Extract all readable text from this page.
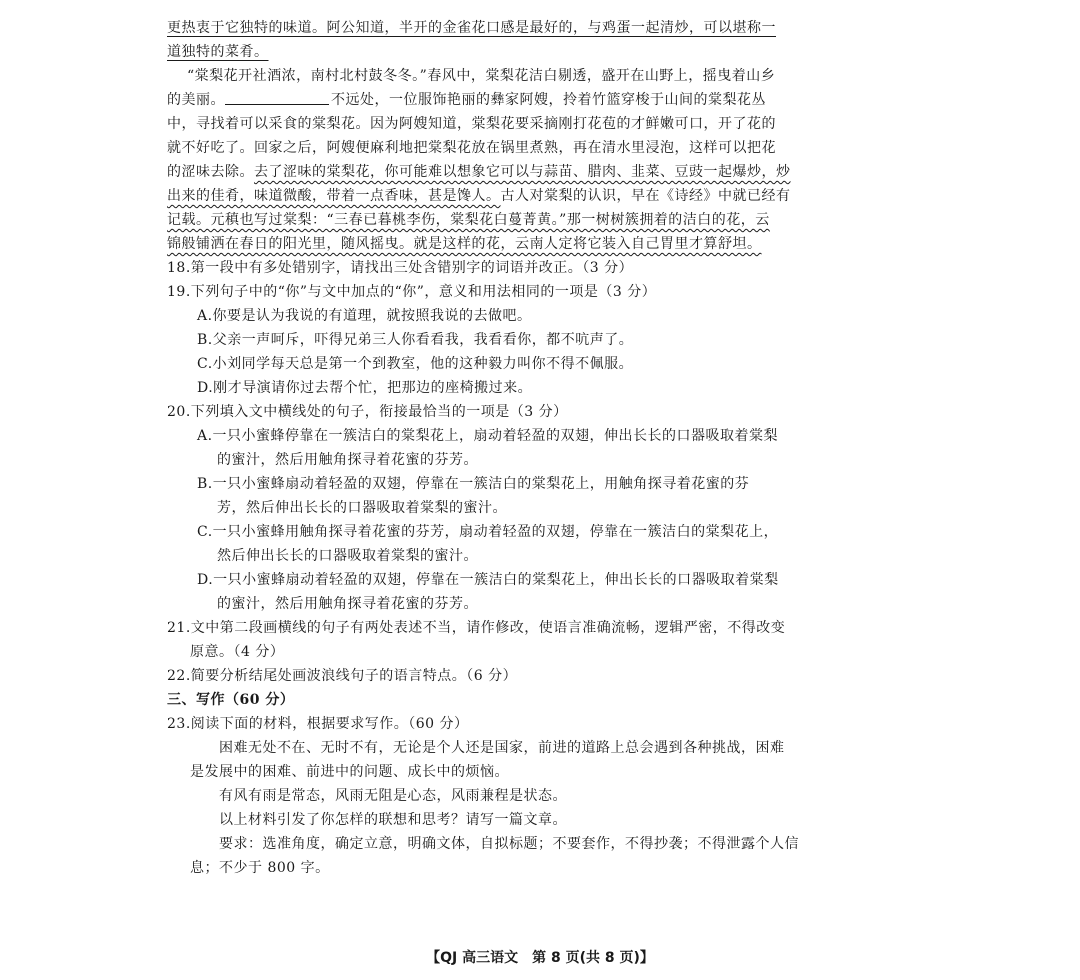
更热衷于它独特的味道。阿公知道，半开的金雀花口感是最好的，与鸡蛋一起清炒，可以堪称一
道独特的菜肴。
“棠梨花开社酒浓，南村北村鼓冬冬。”春风中，棠梨花洁白剔透，盛开在山野上，摇曳着山乡
的美丽。	不远处，一位服饰艳丽的彝家阿嫂，拎着竹篮穿梭于山间的棠梨花丛
中，寻找着可以采食的棠梨花。因为阿嫂知道，棠梨花要采摘刚打花苞的才鲜嫩可口，开了花的
就不好吃了。回家之后，阿嫂便麻利地把棠梨花放在锅里煮熟，再在清水里浸泡，这样可以把花
的涩味去除。去了涩味的棠梨花，你可能难以想象它可以与蒜苗、腊肉、韭菜、豆豉一起爆炒，炒
出来的佳肴，味道微酸，带着一点香味，甚是馋人。古人对棠梨的认识，早在《诗经》中就已经有
记载。元稹也写过棠梨：“三春已暮桃李伤，棠梨花白蔓菁黄。”那一树树簇拥着的洁白的花，云
锦般铺洒在春日的阳光里，随风摇曳。就是这样的花，云南人定将它装入自己胃里才算舒坦。
18.第一段中有多处错别字，请找出三处含错别字的词语并改正。（3 分）
19.下列句子中的“你”与文中加点的“你”，意义和用法相同的一项是（3 分）
A.你要是认为我说的有道理，就按照我说的去做吧。
B.父亲一声呵斥，吓得兄弟三人你看看我，我看看你，都不吭声了。
C.小刘同学每天总是第一个到教室，他的这种毅力叫你不得不佩服。
D.刚才导演请你过去帮个忙，把那边的座椅搬过来。
20.下列填入文中横线处的句子，衔接最恰当的一项是（3 分）
A.一只小蜜蜂停靠在一簇洁白的棠梨花上，扇动着轻盈的双翅，伸出长长的口器吸取着棠梨
的蜜汁，然后用触角探寻着花蜜的芬芳。
B.一只小蜜蜂扇动着轻盈的双翅，停靠在一簇洁白的棠梨花上，用触角探寻着花蜜的芬
芳，然后伸出长长的口器吸取着棠梨的蜜汁。
C.一只小蜜蜂用触角探寻着花蜜的芬芳，扇动着轻盈的双翅，停靠在一簇洁白的棠梨花上，
然后伸出长长的口器吸取着棠梨的蜜汁。
D.一只小蜜蜂扇动着轻盈的双翅，停靠在一簇洁白的棠梨花上，伸出长长的口器吸取着棠梨
的蜜汁，然后用触角探寻着花蜜的芬芳。
21.文中第二段画横线的句子有两处表述不当，请作修改，使语言准确流畅，逻辑严密，不得改变
原意。（4 分）
22.简要分析结尾处画波浪线句子的语言特点。（6 分）
三、写作（60 分）
23.阅读下面的材料，根据要求写作。（60 分）
困难无处不在、无时不有，无论是个人还是国家，前进的道路上总会遇到各种挑战，困难
是发展中的困难、前进中的问题、成长中的烦恼。
有风有雨是常态，风雨无阻是心态，风雨兼程是状态。
以上材料引发了你怎样的联想和思考？请写一篇文章。
要求：选准角度，确定立意，明确文体，自拟标题；不要套作，不得抄袭；不得泄露个人信
息；不少于 800 字。
【QJ 高三语文　第 8 页(共 8 页)】
